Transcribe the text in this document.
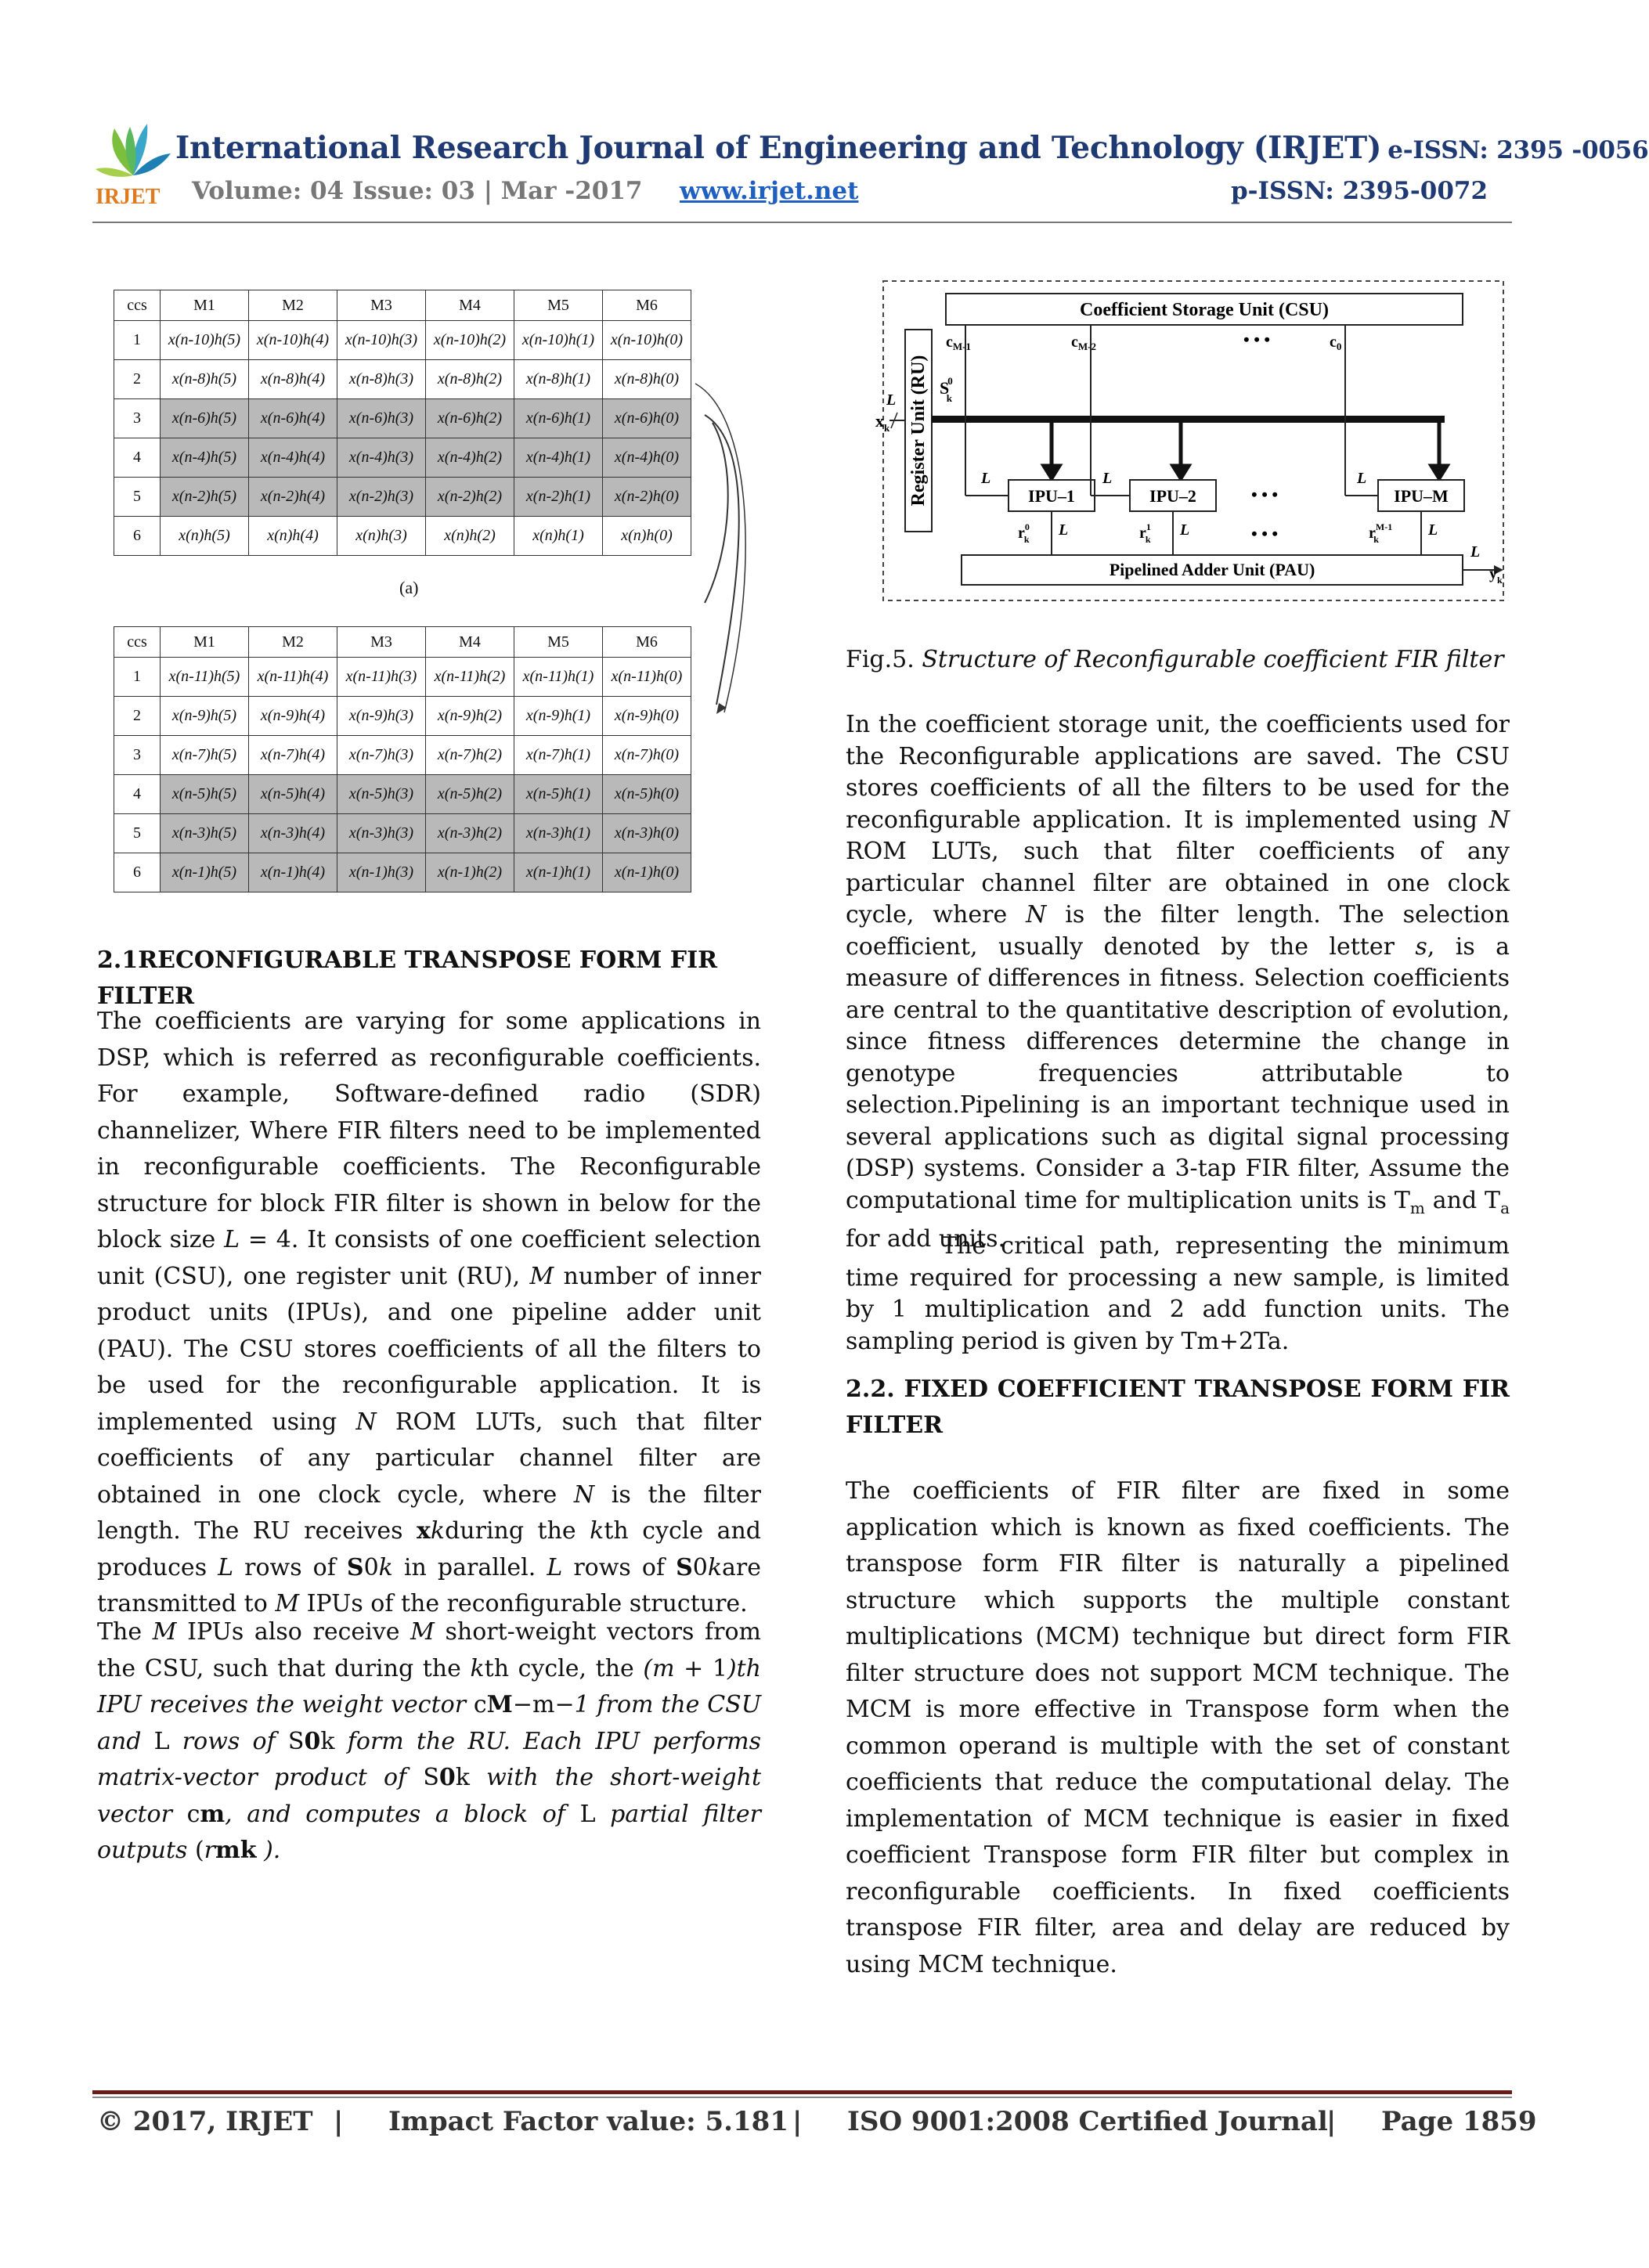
IRJET
International Research Journal of Engineering and Technology (IRJET) e-ISSN: 2395 -0056
Volume: 04 Issue: 03 | Mar -2017 www.irjet.net	p-ISSN: 2395-0072
ccs	M1	M2	M3	M4	M5	M6
1	x(n-10)h(5)	x(n-10)h(4)	x(n-10)h(3)	x(n-10)h(2)	x(n-10)h(1)	x(n-10)h(0)
2	x(n-8)h(5)	x(n-8)h(4)	x(n-8)h(3)	x(n-8)h(2)	x(n-8)h(1)	x(n-8)h(0)
3	x(n-6)h(5)	x(n-6)h(4)	x(n-6)h(3)	x(n-6)h(2)	x(n-6)h(1)	x(n-6)h(0)
4	x(n-4)h(5)	x(n-4)h(4)	x(n-4)h(3)	x(n-4)h(2)	x(n-4)h(1)	x(n-4)h(0)
5	x(n-2)h(5)	x(n-2)h(4)	x(n-2)h(3)	x(n-2)h(2)	x(n-2)h(1)	x(n-2)h(0)
6	x(n)h(5)	x(n)h(4)	x(n)h(3)	x(n)h(2)	x(n)h(1)	x(n)h(0)
(a)
ccs	M1	M2	M3	M4	M5	M6
1	x(n-11)h(5)	x(n-11)h(4)	x(n-11)h(3)	x(n-11)h(2)	x(n-11)h(1)	x(n-11)h(0)
2	x(n-9)h(5)	x(n-9)h(4)	x(n-9)h(3)	x(n-9)h(2)	x(n-9)h(1)	x(n-9)h(0)
3	x(n-7)h(5)	x(n-7)h(4)	x(n-7)h(3)	x(n-7)h(2)	x(n-7)h(1)	x(n-7)h(0)
4	x(n-5)h(5)	x(n-5)h(4)	x(n-5)h(3)	x(n-5)h(2)	x(n-5)h(1)	x(n-5)h(0)
5	x(n-3)h(5)	x(n-3)h(4)	x(n-3)h(3)	x(n-3)h(2)	x(n-3)h(1)	x(n-3)h(0)
6	x(n-1)h(5)	x(n-1)h(4)	x(n-1)h(3)	x(n-1)h(2)	x(n-1)h(1)	x(n-1)h(0)
Coefficient Storage Unit (CSU)
Register Unit (RU)
$c_{M-1}$	$c_{M-2}$	• • •	$c_0$
S0 k
$x_k$
L
IPU–1	IPU–2	• • •	IPU–M
L	L	L
$r^0$ k
L	$r^1$ k
L	• • •	$r^{M-1}$ k
L
Pipelined Adder Unit (PAU)
L
$y_k$
Fig.5. Structure of Reconfigurable coefficient FIR filter
2.1RECONFIGURABLE TRANSPOSE FORM FIR FILTER
The coefficients are varying for some applications in DSP, which is referred as reconfigurable coefficients. For example, Software-defined radio (SDR) channelizer, Where FIR filters need to be implemented in reconfigurable coefficients. The Reconfigurable structure for block FIR filter is shown in below for the block size L = 4. It consists of one coefficient selection unit (CSU), one register unit (RU), M number of inner product units (IPUs), and one pipeline adder unit (PAU). The CSU stores coefficients of all the filters to be used for the reconfigurable application. It is implemented using N ROM LUTs, such that filter coefficients of any particular channel filter are obtained in one clock cycle, where N is the filter length. The RU receives xkduring the kth cycle and produces L rows of S0k in parallel. L rows of S0kare transmitted to M IPUs of the reconfigurable structure.
The M IPUs also receive M short-weight vectors from the CSU, such that during the kth cycle, the (m + 1)th IPU receives the weight vector cM−m−1 from the CSU and L rows of S0k form the RU. Each IPU performs matrix-vector product of S0k with the short-weight vector cm, and computes a block of L partial filter outputs (rmk ).
In the coefficient storage unit, the coefficients used for the Reconfigurable applications are saved. The CSU stores coefficients of all the filters to be used for the reconfigurable application. It is implemented using N ROM LUTs, such that filter coefficients of any particular channel filter are obtained in one clock cycle, where N is the filter length. The selection coefficient, usually denoted by the letter s, is a measure of differences in fitness. Selection coefficients are central to the quantitative description of evolution, since fitness differences determine the change in genotype frequencies attributable to selection.Pipelining is an important technique used in several applications such as digital signal processing (DSP) systems. Consider a 3-tap FIR filter, Assume the computational time for multiplication units is $T_m$ and $T_a$ for add units.
The critical path, representing the minimum time required for processing a new sample, is limited by 1 multiplication and 2 add function units. The sampling period is given by Tm+2Ta.
2.2. FIXED COEFFICIENT TRANSPOSE FORM FIR FILTER
The coefficients of FIR filter are fixed in some application which is known as fixed coefficients. The transpose form FIR filter is naturally a pipelined structure which supports the multiple constant multiplications (MCM) technique but direct form FIR filter structure does not support MCM technique. The MCM is more effective in Transpose form when the common operand is multiple with the set of constant coefficients that reduce the computational delay. The implementation of MCM technique is easier in fixed coefficient Transpose form FIR filter but complex in reconfigurable coefficients. In fixed coefficients transpose FIR filter, area and delay are reduced by using MCM technique.
© 2017, IRJET | Impact Factor value: 5.181 | ISO 9001:2008 Certified Journal
| Page 1859
